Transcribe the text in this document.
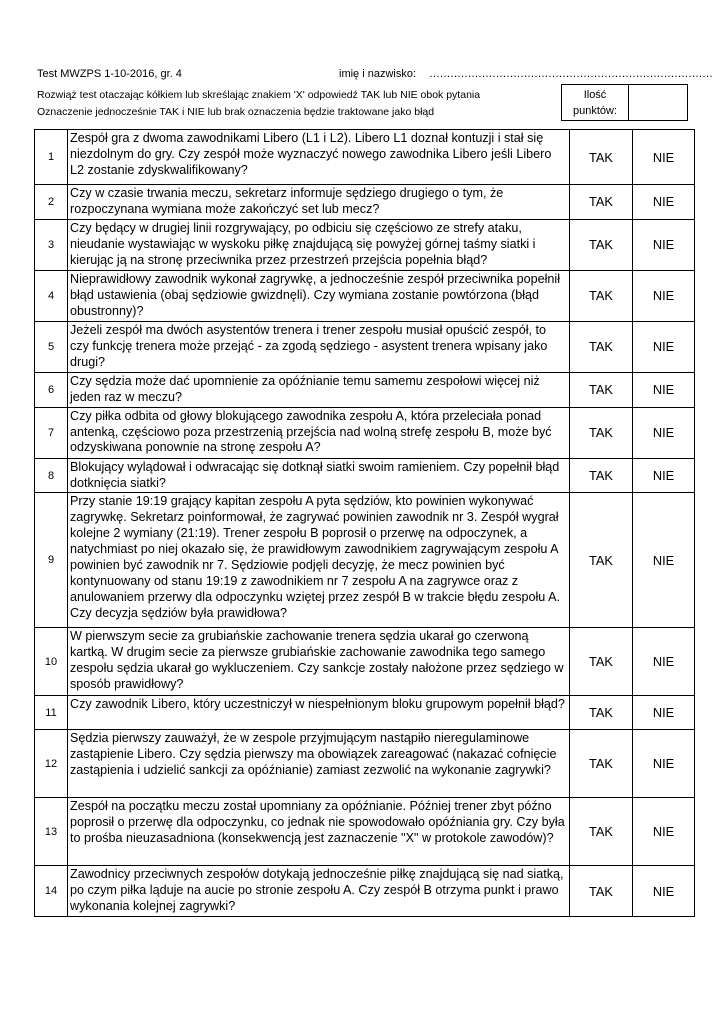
Test MWZPS 1-10-2016, gr. 4	imię i nazwisko: ………………………………………………………………………
Rozwiąż test otaczając kółkiem lub skreślając znakiem 'X' odpowiedź TAK lub NIE obok pytania
Oznaczenie jednocześnie TAK i NIE lub brak oznaczenia będzie traktowane jako błąd
Ilość
punktów:
1	Zespół gra z dwoma zawodnikami Libero (L1 i L2). Libero L1 doznał kontuzji i stał się niezdolnym do gry. Czy zespół może wyznaczyć nowego zawodnika Libero jeśli Libero L2 zostanie zdyskwalifikowany?	TAK	NIE
2	Czy w czasie trwania meczu, sekretarz informuje sędziego drugiego o tym, że rozpoczynana wymiana może zakończyć set lub mecz?	TAK	NIE
3	Czy będący w drugiej linii rozgrywający, po odbiciu się częściowo ze strefy ataku, nieudanie wystawiając w wyskoku piłkę znajdującą się powyżej górnej taśmy siatki i kierując ją na stronę przeciwnika przez przestrzeń przejścia popełnia błąd?	TAK	NIE
4	Nieprawidłowy zawodnik wykonał zagrywkę, a jednocześnie zespół przeciwnika popełnił błąd ustawienia (obaj sędziowie gwizdnęli). Czy wymiana zostanie powtórzona (błąd obustronny)?	TAK	NIE
5	Jeżeli zespół ma dwóch asystentów trenera i trener zespołu musiał opuścić zespół, to czy funkcję trenera może przejąć - za zgodą sędziego - asystent trenera wpisany jako drugi?	TAK	NIE
6	Czy sędzia może dać upomnienie za opóźnianie temu samemu zespołowi więcej niż jeden raz w meczu?	TAK	NIE
7	Czy piłka odbita od głowy blokującego zawodnika zespołu A, która przeleciała ponad antenką, częściowo poza przestrzenią przejścia nad wolną strefę zespołu B, może być odzyskiwana ponownie na stronę zespołu A?	TAK	NIE
8	Blokujący wylądował i odwracając się dotknął siatki swoim ramieniem. Czy popełnił błąd dotknięcia siatki?	TAK	NIE
9	Przy stanie 19:19 grający kapitan zespołu A pyta sędziów, kto powinien wykonywać zagrywkę. Sekretarz poinformował, że zagrywać powinien zawodnik nr 3. Zespół wygrał kolejne 2 wymiany (21:19). Trener zespołu B poprosił o przerwę na odpoczynek, a natychmiast po niej okazało się, że prawidłowym zawodnikiem zagrywającym zespołu A powinien być zawodnik nr 7. Sędziowie podjęli decyzję, że mecz powinien być kontynuowany od stanu 19:19 z zawodnikiem nr 7 zespołu A na zagrywce oraz z anulowaniem przerwy dla odpoczynku wziętej przez zespół B w trakcie błędu zespołu A. Czy decyzja sędziów była prawidłowa?	TAK	NIE
10	W pierwszym secie za grubiańskie zachowanie trenera sędzia ukarał go czerwoną kartką. W drugim secie za pierwsze grubiańskie zachowanie zawodnika tego samego zespołu sędzia ukarał go wykluczeniem. Czy sankcje zostały nałożone przez sędziego w sposób prawidłowy?	TAK	NIE
11	Czy zawodnik Libero, który uczestniczył w niespełnionym bloku grupowym popełnił błąd?	TAK	NIE
12	Sędzia pierwszy zauważył, że w zespole przyjmującym nastąpiło nieregulaminowe zastąpienie Libero. Czy sędzia pierwszy ma obowiązek zareagować (nakazać cofnięcie zastąpienia i udzielić sankcji za opóźnianie) zamiast zezwolić na wykonanie zagrywki?	TAK	NIE
13	Zespół na początku meczu został upomniany za opóźnianie. Później trener zbyt późno poprosił o przerwę dla odpoczynku, co jednak nie spowodowało opóźniania gry. Czy była to prośba nieuzasadniona (konsekwencją jest zaznaczenie "X" w protokole zawodów)?	TAK	NIE
14	Zawodnicy przeciwnych zespołów dotykają jednocześnie piłkę znajdującą się nad siatką, po czym piłka ląduje na aucie po stronie zespołu A. Czy zespół B otrzyma punkt i prawo wykonania kolejnej zagrywki?	TAK	NIE
